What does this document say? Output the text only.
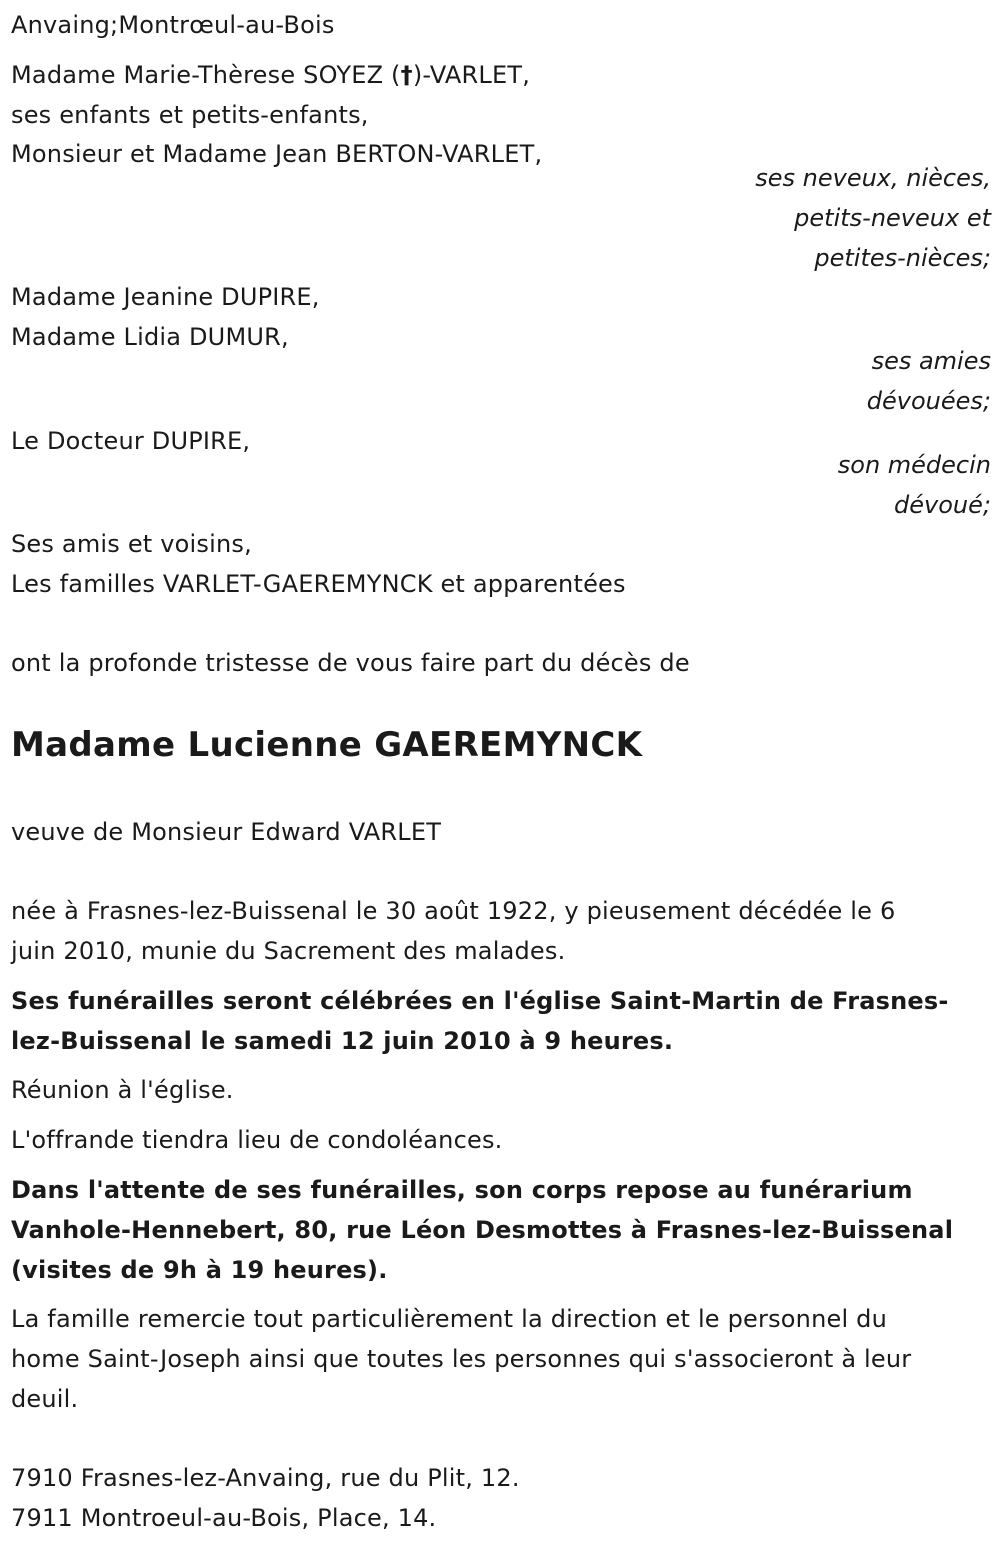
Anvaing;Montrœul-au-Bois
Madame Marie-Thèrese SOYEZ (†)-VARLET,
ses enfants et petits-enfants,
Monsieur et Madame Jean BERTON-VARLET,
ses neveux, nièces,
petits-neveux et
petites-nièces;
Madame Jeanine DUPIRE,
Madame Lidia DUMUR,
ses amies
dévouées;
Le Docteur DUPIRE,
son médecin
dévoué;
Ses amis et voisins,
Les familles VARLET-GAEREMYNCK et apparentées
ont la profonde tristesse de vous faire part du décès de
Madame Lucienne GAEREMYNCK
veuve de Monsieur Edward VARLET
née à Frasnes-lez-Buissenal le 30 août 1922, y pieusement décédée le 6
juin 2010, munie du Sacrement des malades.
Ses funérailles seront célébrées en l'église Saint-Martin de Frasnes-
lez-Buissenal le samedi 12 juin 2010 à 9 heures.
Réunion à l'église.
L'offrande tiendra lieu de condoléances.
Dans l'attente de ses funérailles, son corps repose au funérarium
Vanhole-Hennebert, 80, rue Léon Desmottes à Frasnes-lez-Buissenal
(visites de 9h à 19 heures).
La famille remercie tout particulièrement la direction et le personnel du
home Saint-Joseph ainsi que toutes les personnes qui s'associeront à leur
deuil.
7910 Frasnes-lez-Anvaing, rue du Plit, 12.
7911 Montroeul-au-Bois, Place, 14.
